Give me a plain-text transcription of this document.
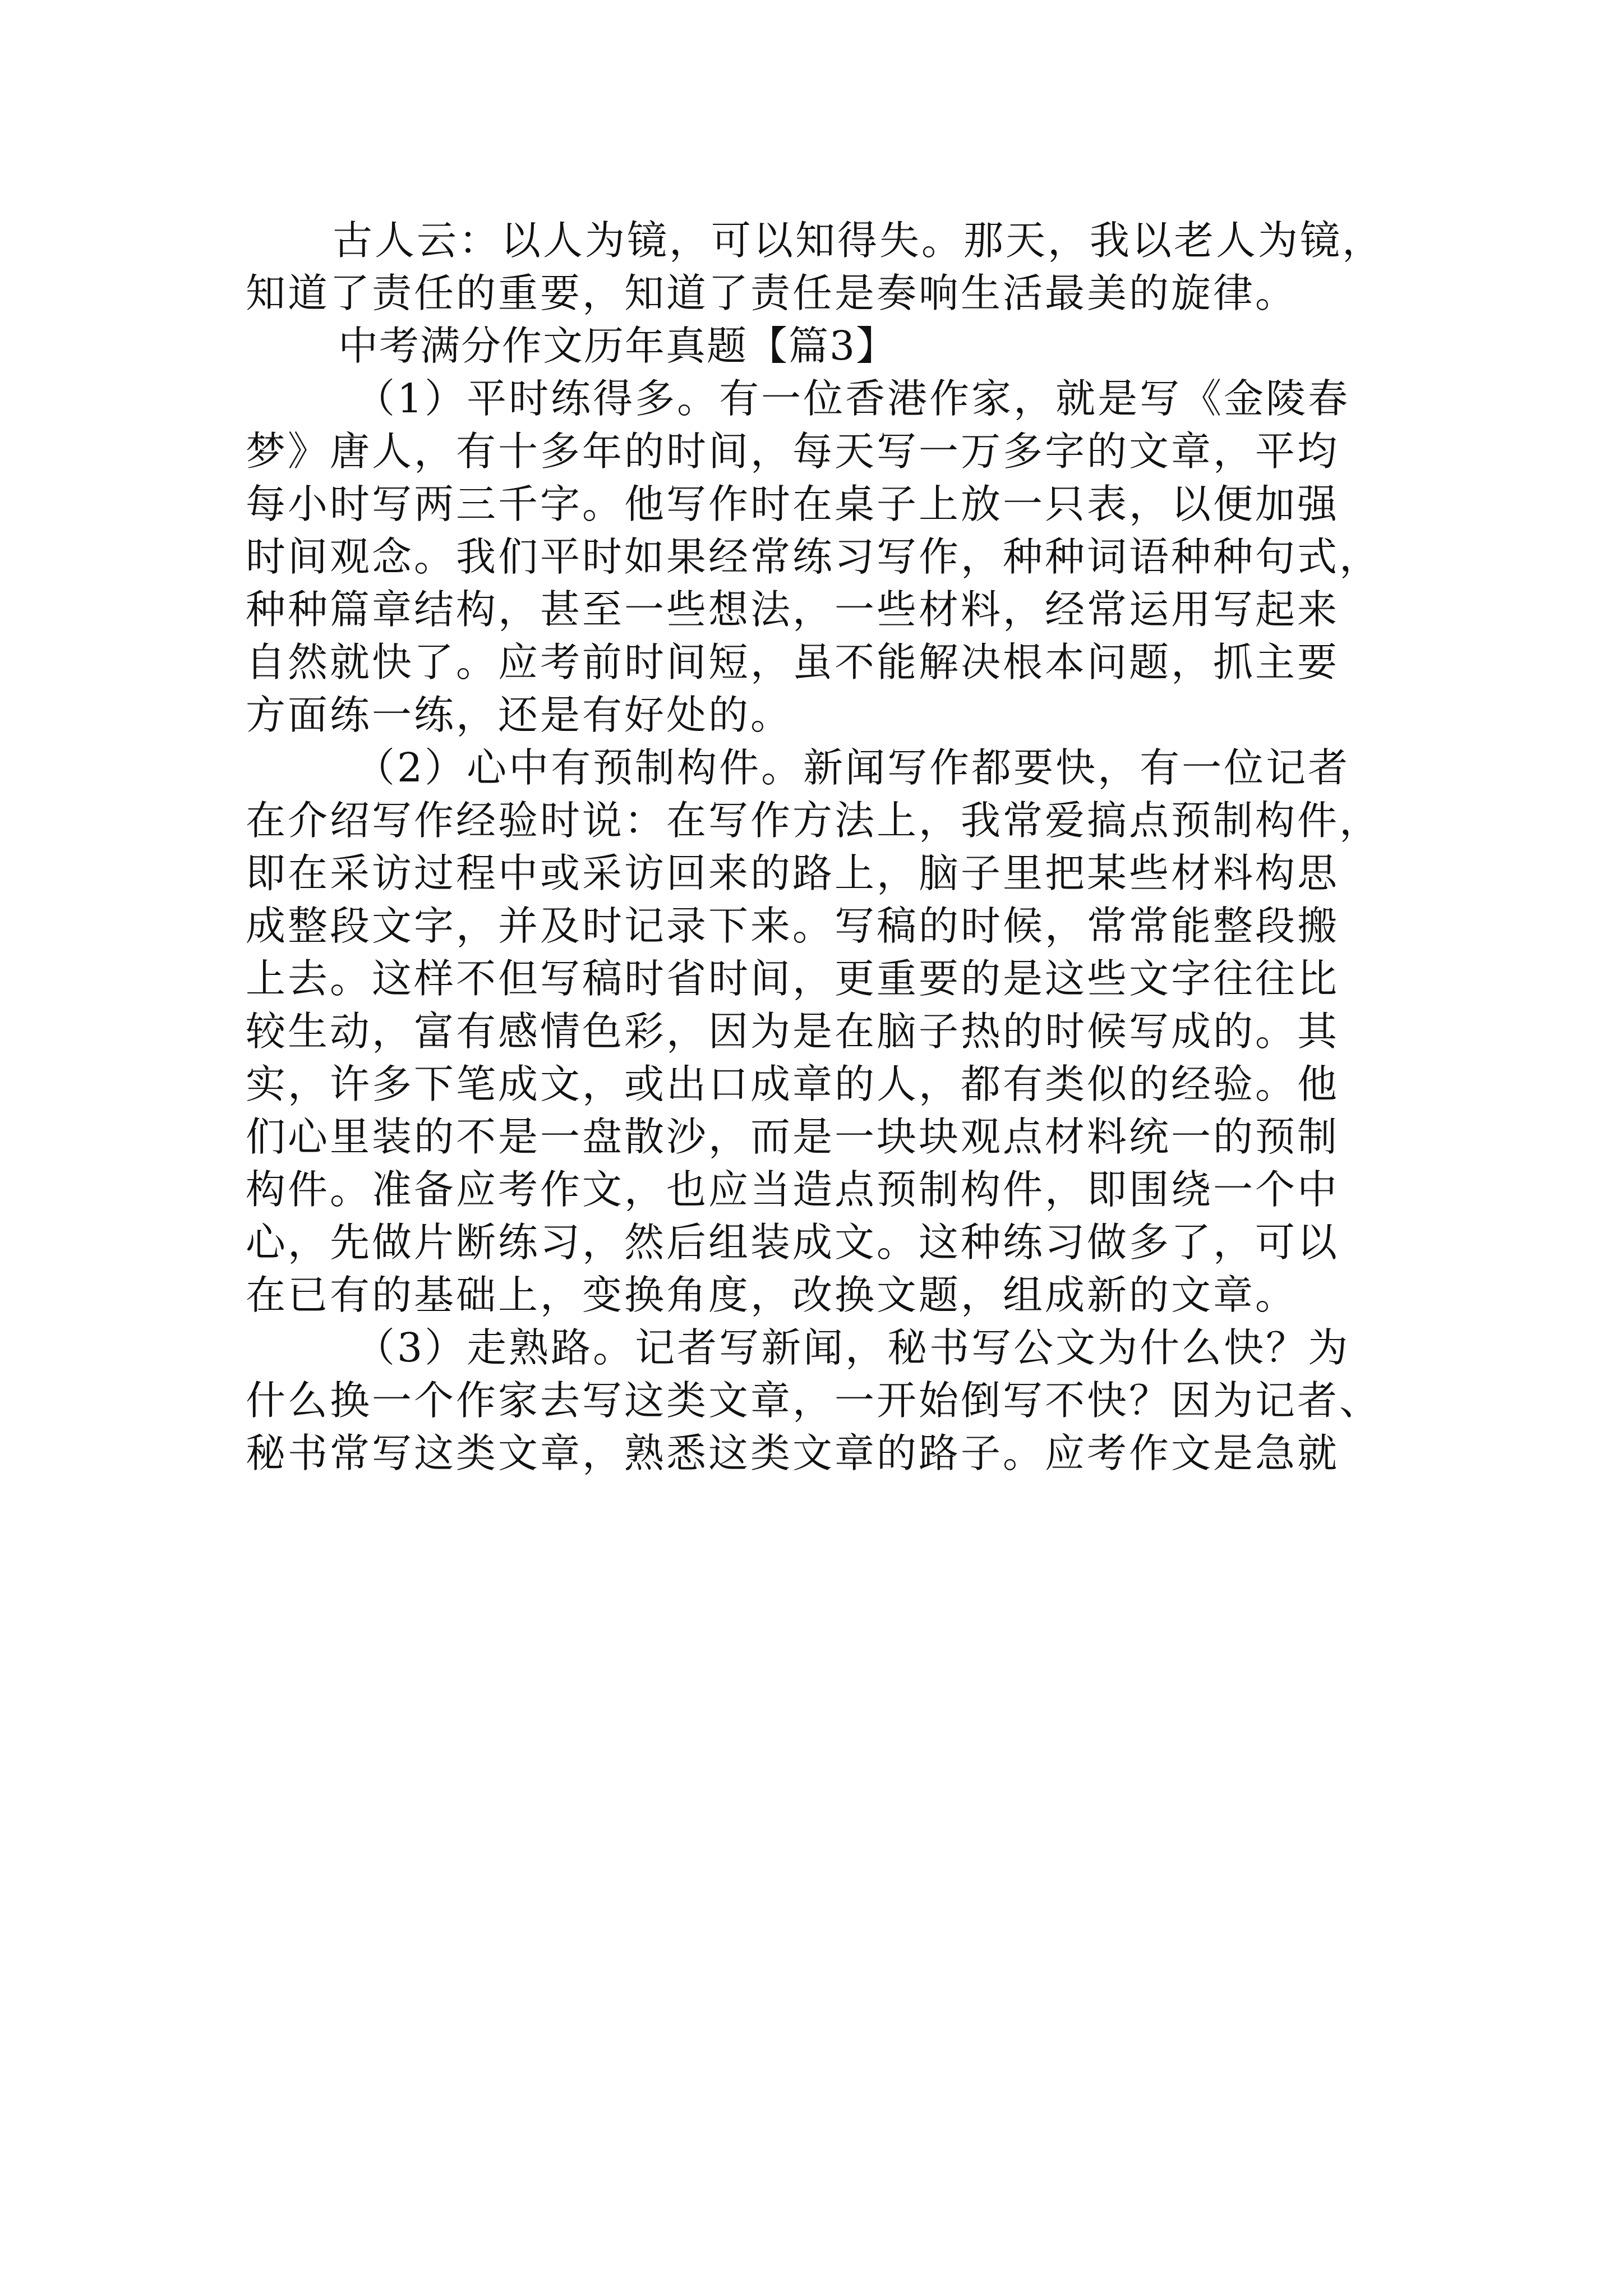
古人云：以人为镜，可以知得失。那天，我以老人为镜，
知道了责任的重要，知道了责任是奏响生活最美的旋律。
中考满分作文历年真题【篇3】
（1）平时练得多。有一位香港作家，就是写《金陵春
梦》唐人，有十多年的时间，每天写一万多字的文章，平均
每小时写两三千字。他写作时在桌子上放一只表，以便加强
时间观念。我们平时如果经常练习写作，种种词语种种句式，
种种篇章结构，甚至一些想法，一些材料，经常运用写起来
自然就快了。应考前时间短，虽不能解决根本问题，抓主要
方面练一练，还是有好处的。
（2）心中有预制构件。新闻写作都要快，有一位记者
在介绍写作经验时说：在写作方法上，我常爱搞点预制构件，
即在采访过程中或采访回来的路上，脑子里把某些材料构思
成整段文字，并及时记录下来。写稿的时候，常常能整段搬
上去。这样不但写稿时省时间，更重要的是这些文字往往比
较生动，富有感情色彩，因为是在脑子热的时候写成的。其
实，许多下笔成文，或出口成章的人，都有类似的经验。他
们心里装的不是一盘散沙，而是一块块观点材料统一的预制
构件。准备应考作文，也应当造点预制构件，即围绕一个中
心，先做片断练习，然后组装成文。这种练习做多了，可以
在已有的基础上，变换角度，改换文题，组成新的文章。
（3）走熟路。记者写新闻，秘书写公文为什么快？为
什么换一个作家去写这类文章，一开始倒写不快？因为记者、
秘书常写这类文章，熟悉这类文章的路子。应考作文是急就
